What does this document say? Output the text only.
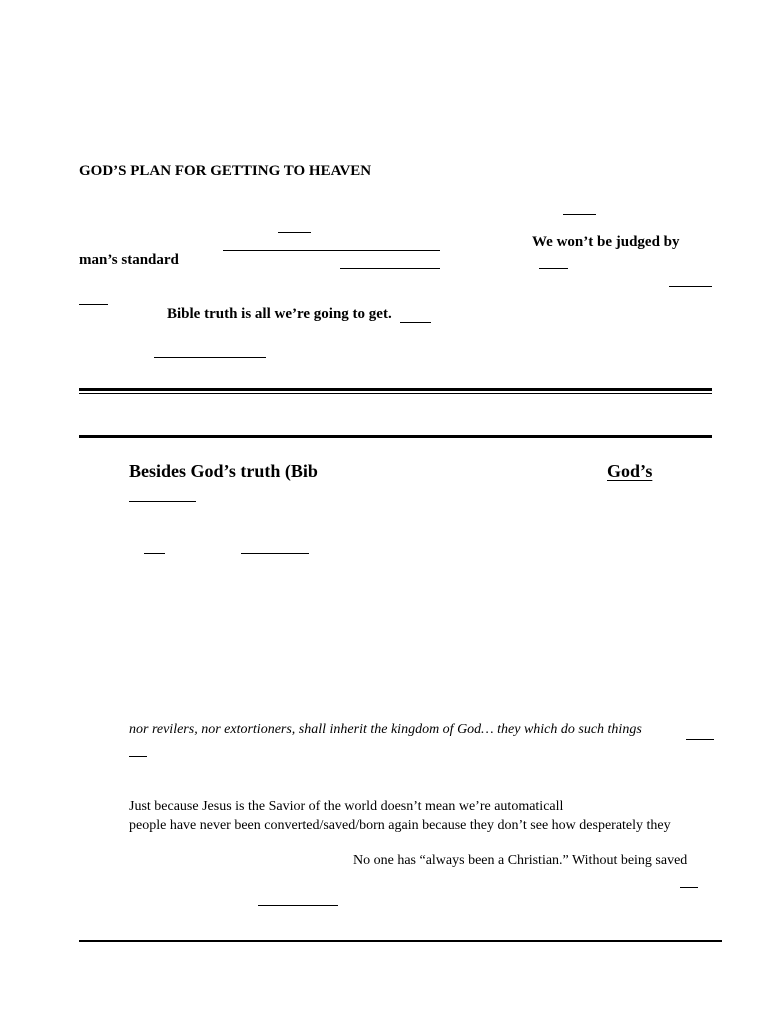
GOD’S PLAN FOR GETTING TO HEAVEN
We won’t be judged by
man’s standard
Bible truth is all we’re going to get.
Besides God’s truth (Bib	God’s
nor revilers, nor extortioners, shall inherit the kingdom of God… they which do such things
Just because Jesus is the Savior of the world doesn’t mean we’re automaticall
people have never been converted/saved/born again because they don’t see how desperately they
No one has “always been a Christian.” Without being saved
